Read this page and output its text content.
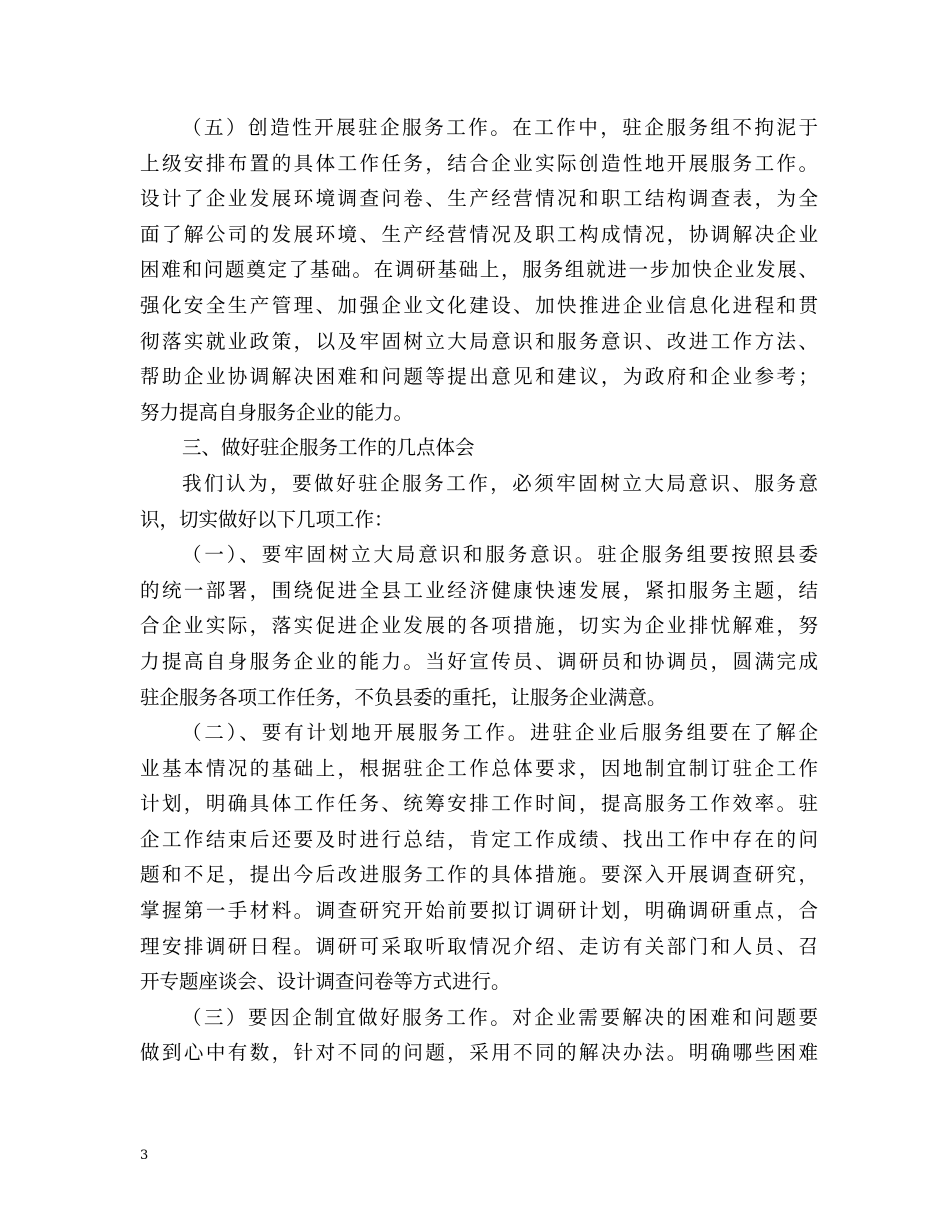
（五）创造性开展驻企服务工作。在工作中，驻企服务组不拘泥于
上级安排布置的具体工作任务，结合企业实际创造性地开展服务工作。
设计了企业发展环境调查问卷、生产经营情况和职工结构调查表，为全
面了解公司的发展环境、生产经营情况及职工构成情况，协调解决企业
困难和问题奠定了基础。在调研基础上，服务组就进一步加快企业发展、
强化安全生产管理、加强企业文化建设、加快推进企业信息化进程和贯
彻落实就业政策，以及牢固树立大局意识和服务意识、改进工作方法、
帮助企业协调解决困难和问题等提出意见和建议，为政府和企业参考；
努力提高自身服务企业的能力。
三、做好驻企服务工作的几点体会
我们认为，要做好驻企服务工作，必须牢固树立大局意识、服务意
识，切实做好以下几项工作：
（一）、要牢固树立大局意识和服务意识。驻企服务组要按照县委
的统一部署，围绕促进全县工业经济健康快速发展，紧扣服务主题，结
合企业实际，落实促进企业发展的各项措施，切实为企业排忧解难，努
力提高自身服务企业的能力。当好宣传员、调研员和协调员，圆满完成
驻企服务各项工作任务，不负县委的重托，让服务企业满意。
（二）、要有计划地开展服务工作。进驻企业后服务组要在了解企
业基本情况的基础上，根据驻企工作总体要求，因地制宜制订驻企工作
计划，明确具体工作任务、统筹安排工作时间，提高服务工作效率。驻
企工作结束后还要及时进行总结，肯定工作成绩、找出工作中存在的问
题和不足，提出今后改进服务工作的具体措施。要深入开展调查研究，
掌握第一手材料。调查研究开始前要拟订调研计划，明确调研重点，合
理安排调研日程。调研可采取听取情况介绍、走访有关部门和人员、召
开专题座谈会、设计调查问卷等方式进行。
（三）要因企制宜做好服务工作。对企业需要解决的困难和问题要
做到心中有数，针对不同的问题，采用不同的解决办法。明确哪些困难
3
